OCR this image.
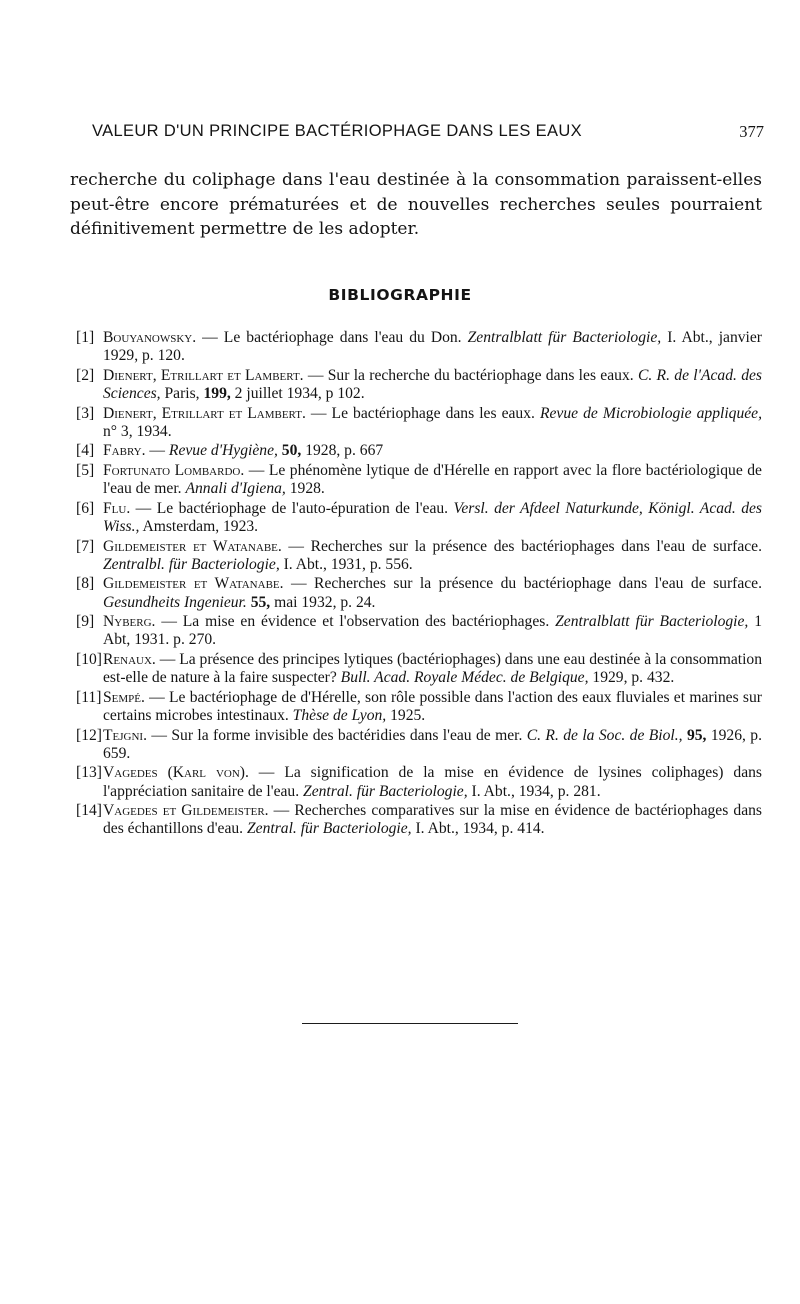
VALEUR D'UN PRINCIPE BACTÉRIOPHAGE DANS LES EAUX	377

recherche du coliphage dans l'eau destinée à la consommation paraissent-elles peut-être encore prématurées et de nouvelles recherches seules pourraient définitivement permettre de les adopter.

BIBLIOGRAPHIE
[1] Bouyanowsky. — Le bactériophage dans l'eau du Don. Zentralblatt für Bacteriologie, I. Abt., janvier 1929, p. 120.
[2] Dienert, Etrillart et Lambert. — Sur la recherche du bactériophage dans les eaux. C. R. de l'Acad. des Sciences, Paris, 199, 2 juillet 1934, p 102.
[3] Dienert, Etrillart et Lambert. — Le bactériophage dans les eaux. Revue de Microbiologie appliquée, n° 3, 1934.
[4] Fabry. — Revue d'Hygiène, 50, 1928, p. 667
[5] Fortunato Lombardo. — Le phénomène lytique de d'Hérelle en rapport avec la flore bactériologique de l'eau de mer. Annali d'Igiena, 1928.
[6] Flu. — Le bactériophage de l'auto-épuration de l'eau. Versl. der Afdeel Naturkunde, Königl. Acad. des Wiss., Amsterdam, 1923.
[7] Gildemeister et Watanabe. — Recherches sur la présence des bactériophages dans l'eau de surface. Zentralbl. für Bacteriologie, I. Abt., 1931, p. 556.
[8] Gildemeister et Watanabe. — Recherches sur la présence du bactériophage dans l'eau de surface. Gesundheits Ingenieur. 55, mai 1932, p. 24.
[9] Nyberg. — La mise en évidence et l'observation des bactériophages. Zentralblatt für Bacteriologie, 1 Abt, 1931. p. 270.
[10] Renaux. — La présence des principes lytiques (bactériophages) dans une eau destinée à la consommation est-elle de nature à la faire suspecter? Bull. Acad. Royale Médec. de Belgique, 1929, p. 432.
[11] Sempé. — Le bactériophage de d'Hérelle, son rôle possible dans l'action des eaux fluviales et marines sur certains microbes intestinaux. Thèse de Lyon, 1925.
[12] Tejgni. — Sur la forme invisible des bactéridies dans l'eau de mer. C. R. de la Soc. de Biol., 95, 1926, p. 659.
[13] Vagedes (Karl von). — La signification de la mise en évidence de lysines coliphages) dans l'appréciation sanitaire de l'eau. Zentral. für Bacteriologie, I. Abt., 1934, p. 281.
[14] Vagedes et Gildemeister. — Recherches comparatives sur la mise en évidence de bactériophages dans des échantillons d'eau. Zentral. für Bacteriologie, I. Abt., 1934, p. 414.
